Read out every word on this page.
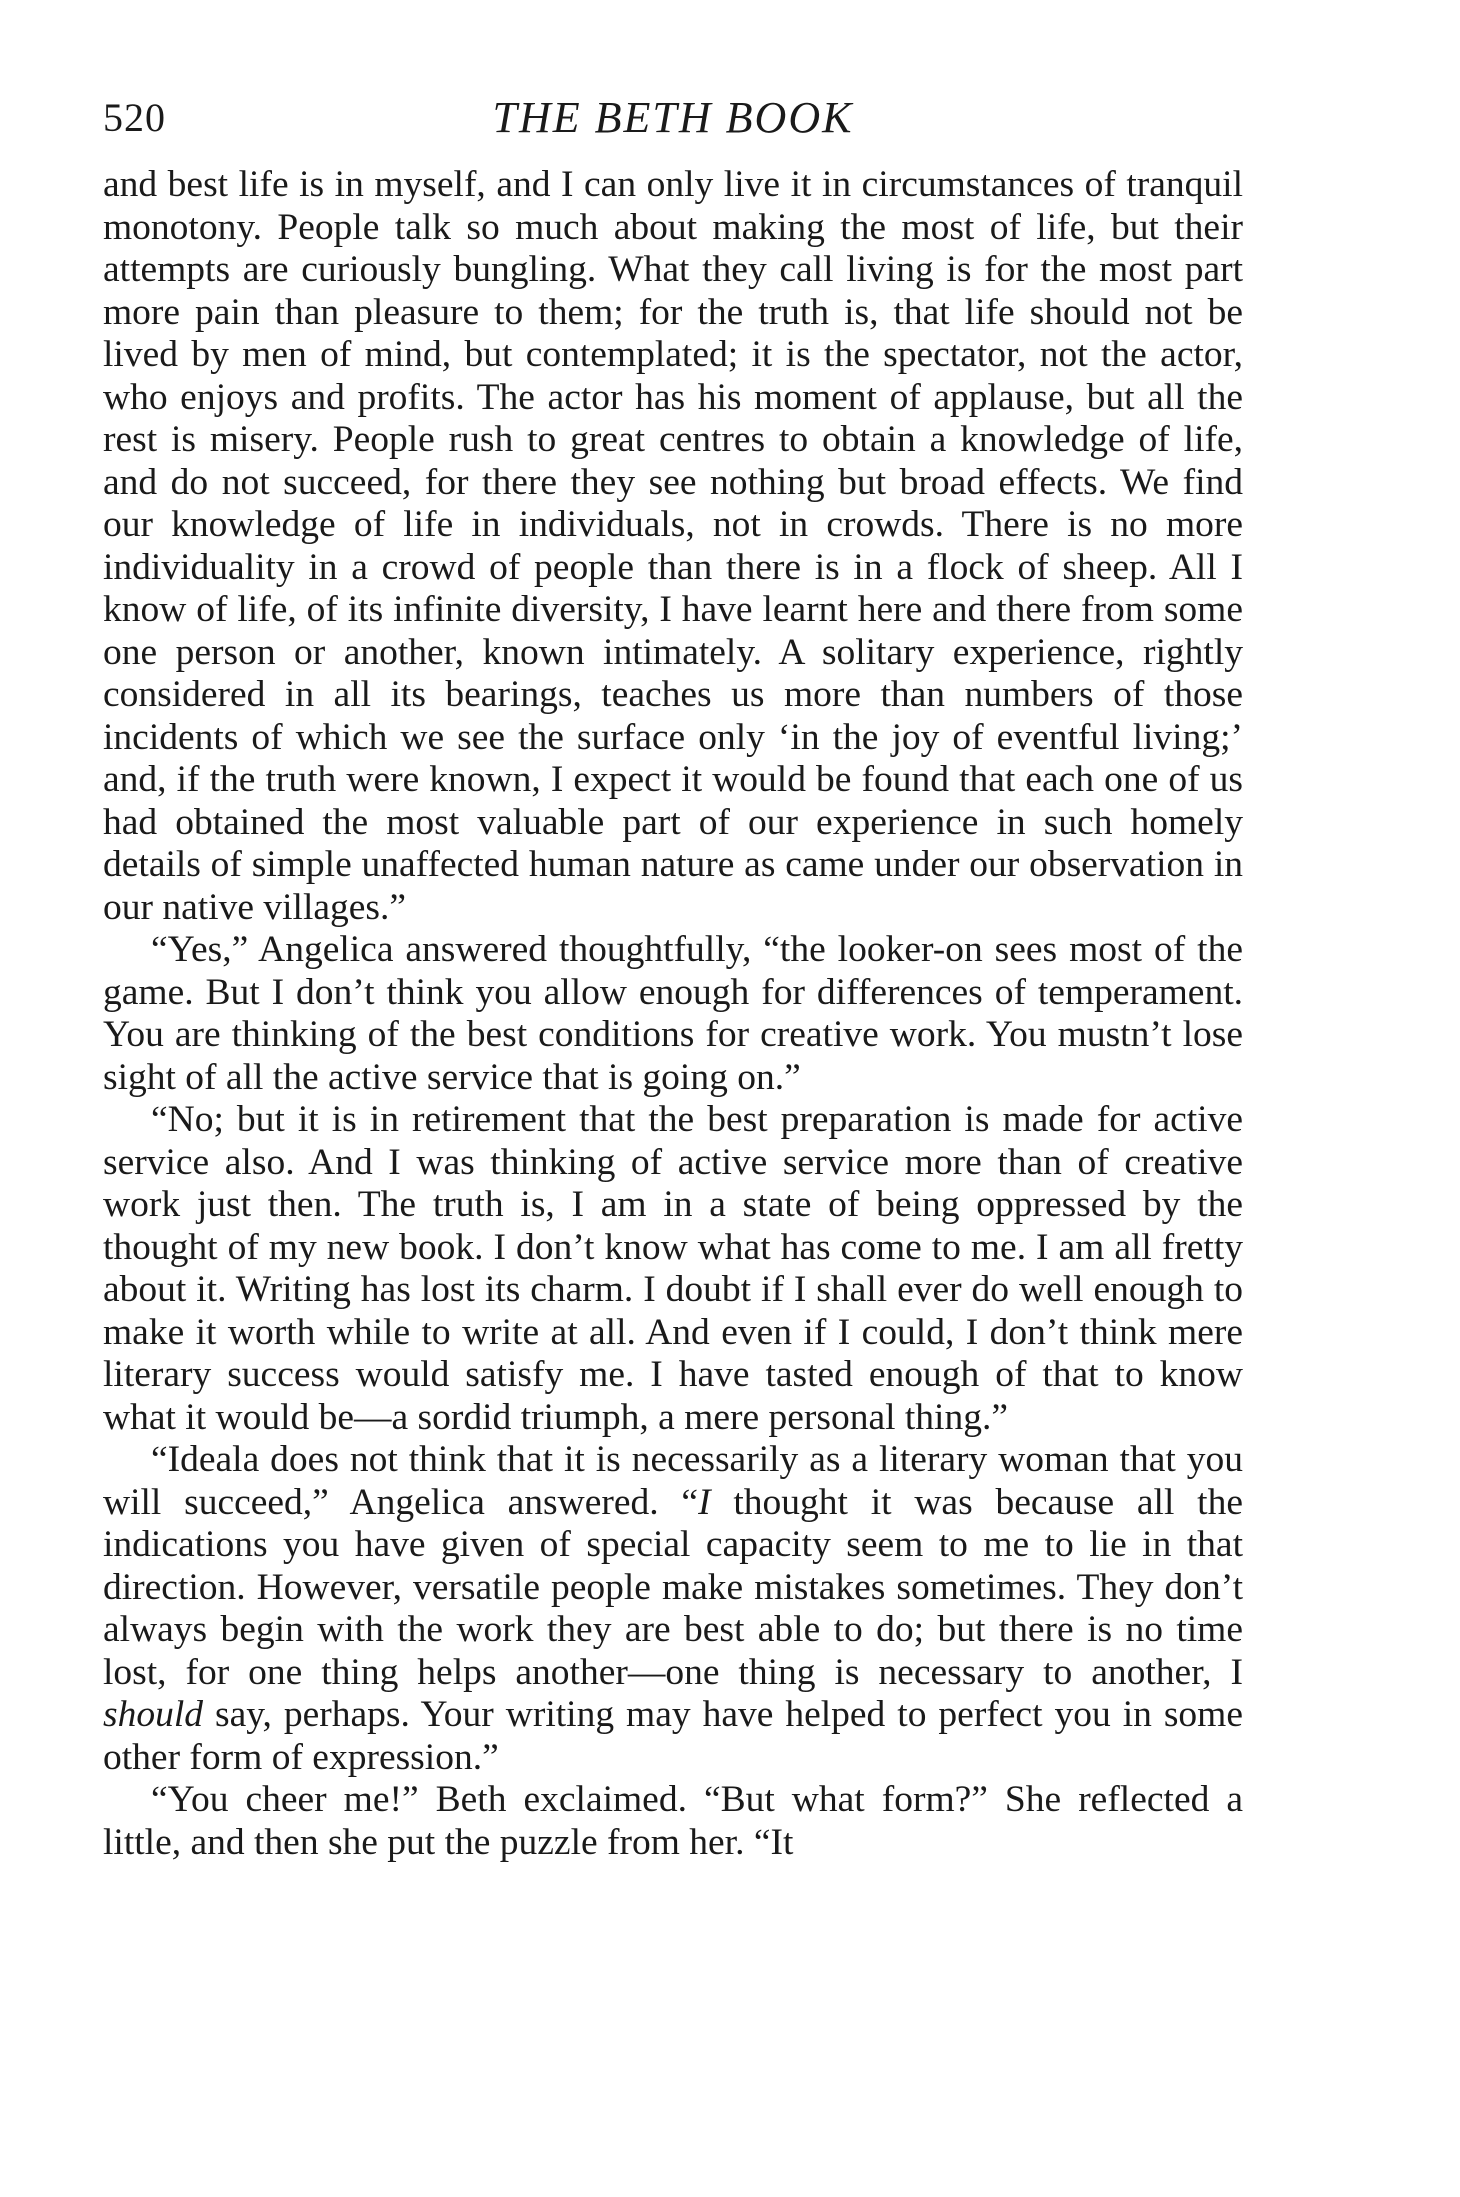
520	THE BETH BOOK

and best life is in myself, and I can only live it in circumstances of tranquil monotony. People talk so much about making the most of life, but their attempts are curiously bungling. What they call living is for the most part more pain than pleasure to them; for the truth is, that life should not be lived by men of mind, but contemplated; it is the spectator, not the actor, who enjoys and profits. The actor has his moment of applause, but all the rest is misery. People rush to great centres to obtain a knowledge of life, and do not succeed, for there they see nothing but broad effects. We find our knowledge of life in individuals, not in crowds. There is no more individuality in a crowd of people than there is in a flock of sheep. All I know of life, of its infinite diversity, I have learnt here and there from some one person or another, known intimately. A solitary experience, rightly considered in all its bearings, teaches us more than numbers of those incidents of which we see the surface only ‘in the joy of eventful living;’ and, if the truth were known, I expect it would be found that each one of us had obtained the most valuable part of our experience in such homely details of simple unaffected human nature as came under our observation in our native villages.”

“Yes,” Angelica answered thoughtfully, “the looker-on sees most of the game. But I don’t think you allow enough for differences of temperament. You are thinking of the best conditions for creative work. You mustn’t lose sight of all the active service that is going on.”

“No; but it is in retirement that the best preparation is made for active service also. And I was thinking of active service more than of creative work just then. The truth is, I am in a state of being oppressed by the thought of my new book. I don’t know what has come to me. I am all fretty about it. Writing has lost its charm. I doubt if I shall ever do well enough to make it worth while to write at all. And even if I could, I don’t think mere literary success would satisfy me. I have tasted enough of that to know what it would be—a sordid triumph, a mere personal thing.”

“Ideala does not think that it is necessarily as a literary woman that you will succeed,” Angelica answered. “I thought it was because all the indications you have given of special capacity seem to me to lie in that direction. However, versatile people make mistakes sometimes. They don’t always begin with the work they are best able to do; but there is no time lost, for one thing helps another—one thing is necessary to another, I should say, perhaps. Your writing may have helped to perfect you in some other form of expression.”

“You cheer me!” Beth exclaimed. “But what form?” She reflected a little, and then she put the puzzle from her. “It
